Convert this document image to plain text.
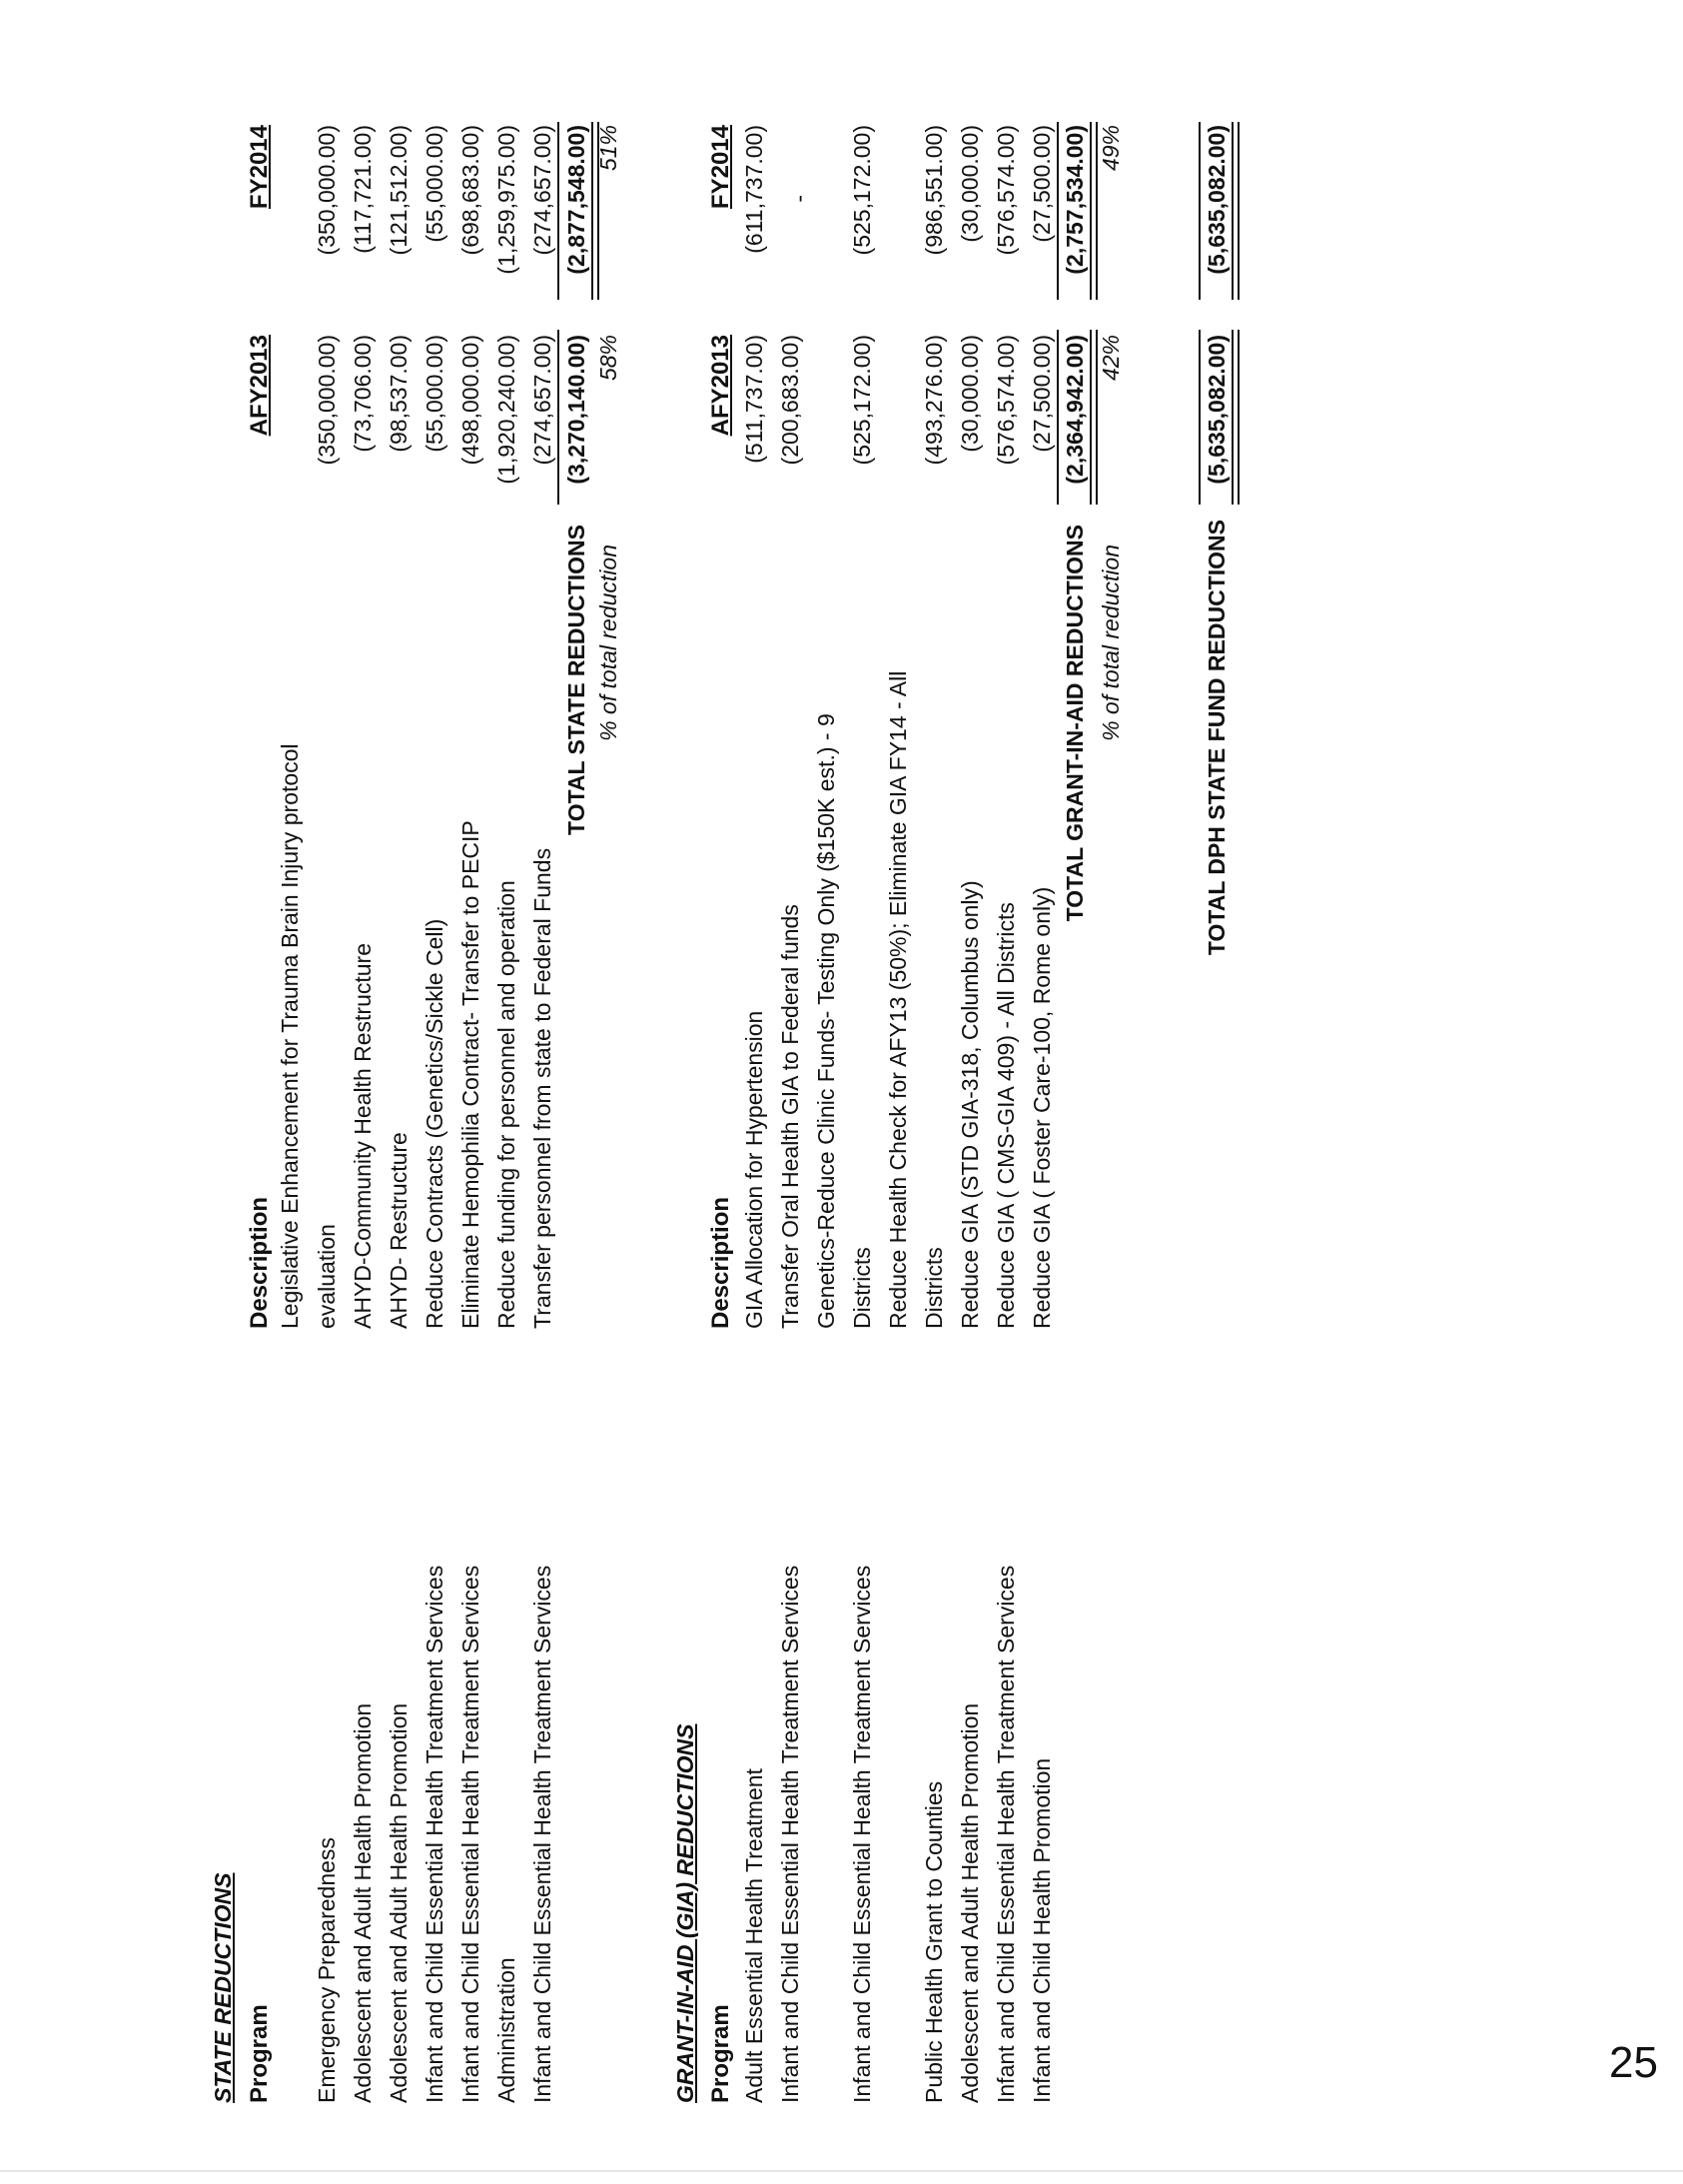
STATE REDUCTIONS Program
Description
AFY2013
FY2014
Legislative Enhancement for Trauma Brain Injury protocol
Emergency Preparedness
evaluation
(350,000.00)
(350,000.00)
Adolescent and Adult Health Promotion
AHYD-Community Health Restructure
(73,706.00)
(117,721.00)
Adolescent and Adult Health Promotion
AHYD- Restructure
(98,537.00)
(121,512.00)
Infant and Child Essential Health Treatment Services
Reduce Contracts (Genetics/Sickle Cell)
(55,000.00)
(55,000.00)
Infant and Child Essential Health Treatment Services
Eliminate Hemophilia Contract- Transfer to PECIP
(498,000.00)
(698,683.00)
Administration
Reduce funding for personnel and operation
(1,920,240.00)
(1,259,975.00)
Infant and Child Essential Health Treatment Services
Transfer personnel from state to Federal Funds
(274,657.00)
(274,657.00)
TOTAL STATE REDUCTIONS
(3,270,140.00)
(2,877,548.00)
% of total reduction
58%
51%
GRANT-IN-AID (GIA) REDUCTIONS Program
Description
AFY2013
FY2014
Adult Essential Health Treatment
GIA Allocation for Hypertension
(511,737.00)
(611,737.00)
Infant and Child Essential Health Treatment Services
Transfer Oral Health GIA to Federal funds
(200,683.00)
-
Genetics-Reduce Clinic Funds- Testing Only ($150K est.) - 9
Infant and Child Essential Health Treatment Services
Districts
(525,172.00)
(525,172.00)
Reduce Health Check for AFY13 (50%); Eliminate GIA FY14 - All
Public Health Grant to Counties
Districts
(493,276.00)
(986,551.00)
Adolescent and Adult Health Promotion
Reduce GIA (STD GIA-318, Columbus only)
(30,000.00)
(30,000.00)
Infant and Child Essential Health Treatment Services
Reduce GIA ( CMS-GIA 409) - All Districts
(576,574.00)
(576,574.00)
Infant and Child Health Promotion
Reduce GIA ( Foster Care-100, Rome only)
(27,500.00)
(27,500.00)
TOTAL GRANT-IN-AID REDUCTIONS
(2,364,942.00)
(2,757,534.00)
% of total reduction
42%
49%
TOTAL DPH STATE FUND REDUCTIONS
(5,635,082.00)
(5,635,082.00)
25
